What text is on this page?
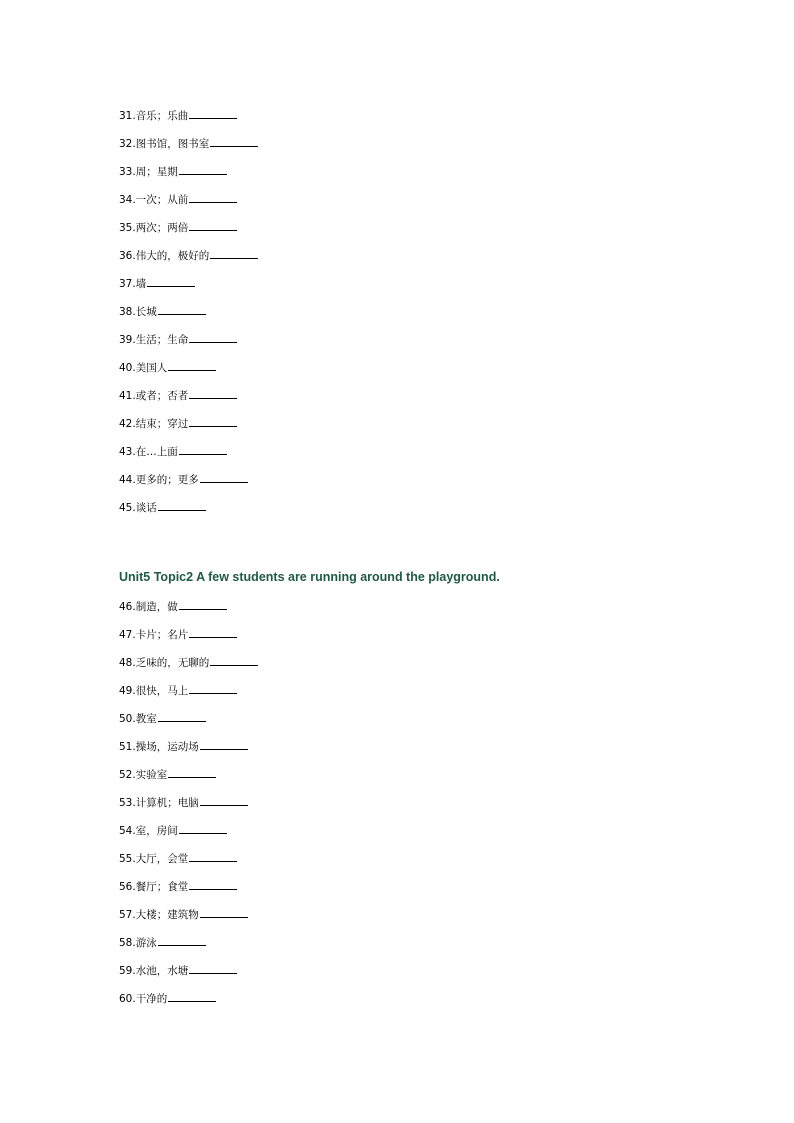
31.音乐；乐曲
32.图书馆，图书室
33.周；星期
34.一次；从前
35.两次；两倍
36.伟大的，极好的
37.墙
38.长城
39.生活；生命
40.美国人
41.或者；否者
42.结束；穿过
43.在…上面
44.更多的；更多
45.谈话
Unit5 Topic2 A few students are running around the playground.
46.制造，做
47.卡片；名片
48.乏味的，无聊的
49.很快，马上
50.教室
51.操场，运动场
52.实验室
53.计算机；电脑
54.室，房间
55.大厅，会堂
56.餐厅；食堂
57.大楼；建筑物
58.游泳
59.水池，水塘
60.干净的
